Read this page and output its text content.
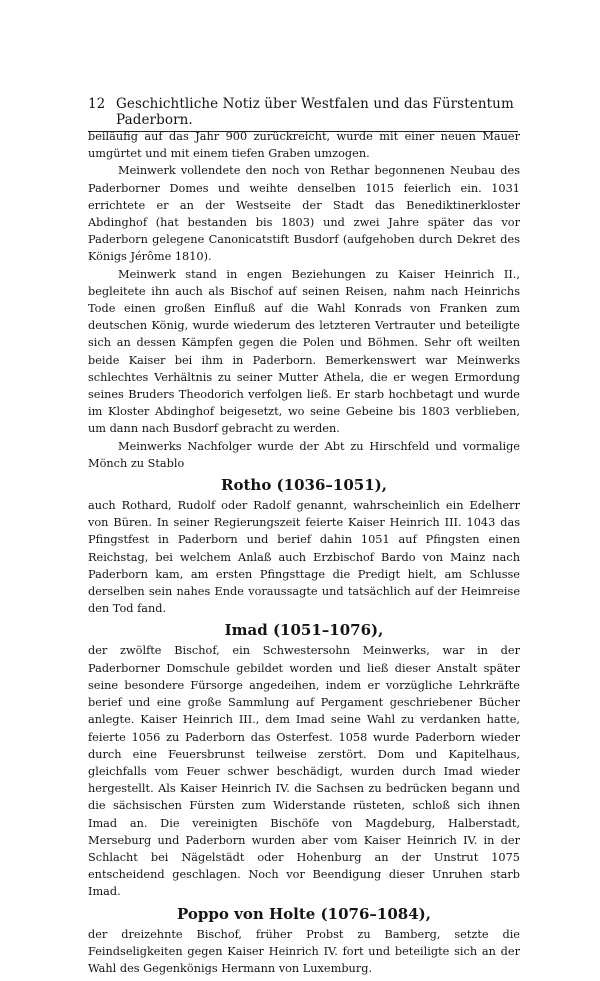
12 Geschichtliche Notiz über Westfalen und das Fürstentum Paderborn.

beiläufig auf das Jahr 900 zurückreicht, wurde mit einer neuen Mauer umgürtet und mit einem tiefen Graben umzogen.

Meinwerk vollendete den noch von Rethar begonnenen Neubau des Paderborner Domes und weihte denselben 1015 feierlich ein. 1031 errichtete er an der Westseite der Stadt das Benediktinerkloster Abdinghof (hat bestanden bis 1803) und zwei Jahre später das vor Paderborn gelegene Canonicatstift Busdorf (aufgehoben durch Dekret des Königs Jérôme 1810).

Meinwerk stand in engen Beziehungen zu Kaiser Heinrich II., begleitete ihn auch als Bischof auf seinen Reisen, nahm nach Heinrichs Tode einen großen Einfluß auf die Wahl Konrads von Franken zum deutschen König, wurde wiederum des letzteren Vertrauter und beteiligte sich an dessen Kämpfen gegen die Polen und Böhmen. Sehr oft weilten beide Kaiser bei ihm in Paderborn. Bemerkenswert war Meinwerks schlechtes Verhältnis zu seiner Mutter Athela, die er wegen Ermordung seines Bruders Theodorich verfolgen ließ. Er starb hochbetagt und wurde im Kloster Abdinghof beigesetzt, wo seine Gebeine bis 1803 verblieben, um dann nach Busdorf gebracht zu werden.

Meinwerks Nachfolger wurde der Abt zu Hirschfeld und vormalige Mönch zu Stablo

Rotho (1036–1051),

auch Rothard, Rudolf oder Radolf genannt, wahrscheinlich ein Edelherr von Büren. In seiner Regierungszeit feierte Kaiser Heinrich III. 1043 das Pfingstfest in Paderborn und berief dahin 1051 auf Pfingsten einen Reichstag, bei welchem Anlaß auch Erzbischof Bardo von Mainz nach Paderborn kam, am ersten Pfingsttage die Predigt hielt, am Schlusse derselben sein nahes Ende voraussagte und tatsächlich auf der Heimreise den Tod fand.

Imad (1051–1076),

der zwölfte Bischof, ein Schwestersohn Meinwerks, war in der Paderborner Domschule gebildet worden und ließ dieser Anstalt später seine besondere Fürsorge angedeihen, indem er vorzügliche Lehrkräfte berief und eine große Sammlung auf Pergament geschriebener Bücher anlegte. Kaiser Heinrich III., dem Imad seine Wahl zu verdanken hatte, feierte 1056 zu Paderborn das Osterfest. 1058 wurde Paderborn wieder durch eine Feuersbrunst teilweise zerstört. Dom und Kapitelhaus, gleichfalls vom Feuer schwer beschädigt, wurden durch Imad wieder hergestellt. Als Kaiser Heinrich IV. die Sachsen zu bedrücken begann und die sächsischen Fürsten zum Widerstande rüsteten, schloß sich ihnen Imad an. Die vereinigten Bischöfe von Magdeburg, Halberstadt, Merseburg und Paderborn wurden aber vom Kaiser Heinrich IV. in der Schlacht bei Nägelstädt oder Hohenburg an der Unstrut 1075 entscheidend geschlagen. Noch vor Beendigung dieser Unruhen starb Imad.

Poppo von Holte (1076–1084),

der dreizehnte Bischof, früher Probst zu Bamberg, setzte die Feindseligkeiten gegen Kaiser Heinrich IV. fort und beteiligte sich an der Wahl des Gegenkönigs Hermann von Luxemburg.
